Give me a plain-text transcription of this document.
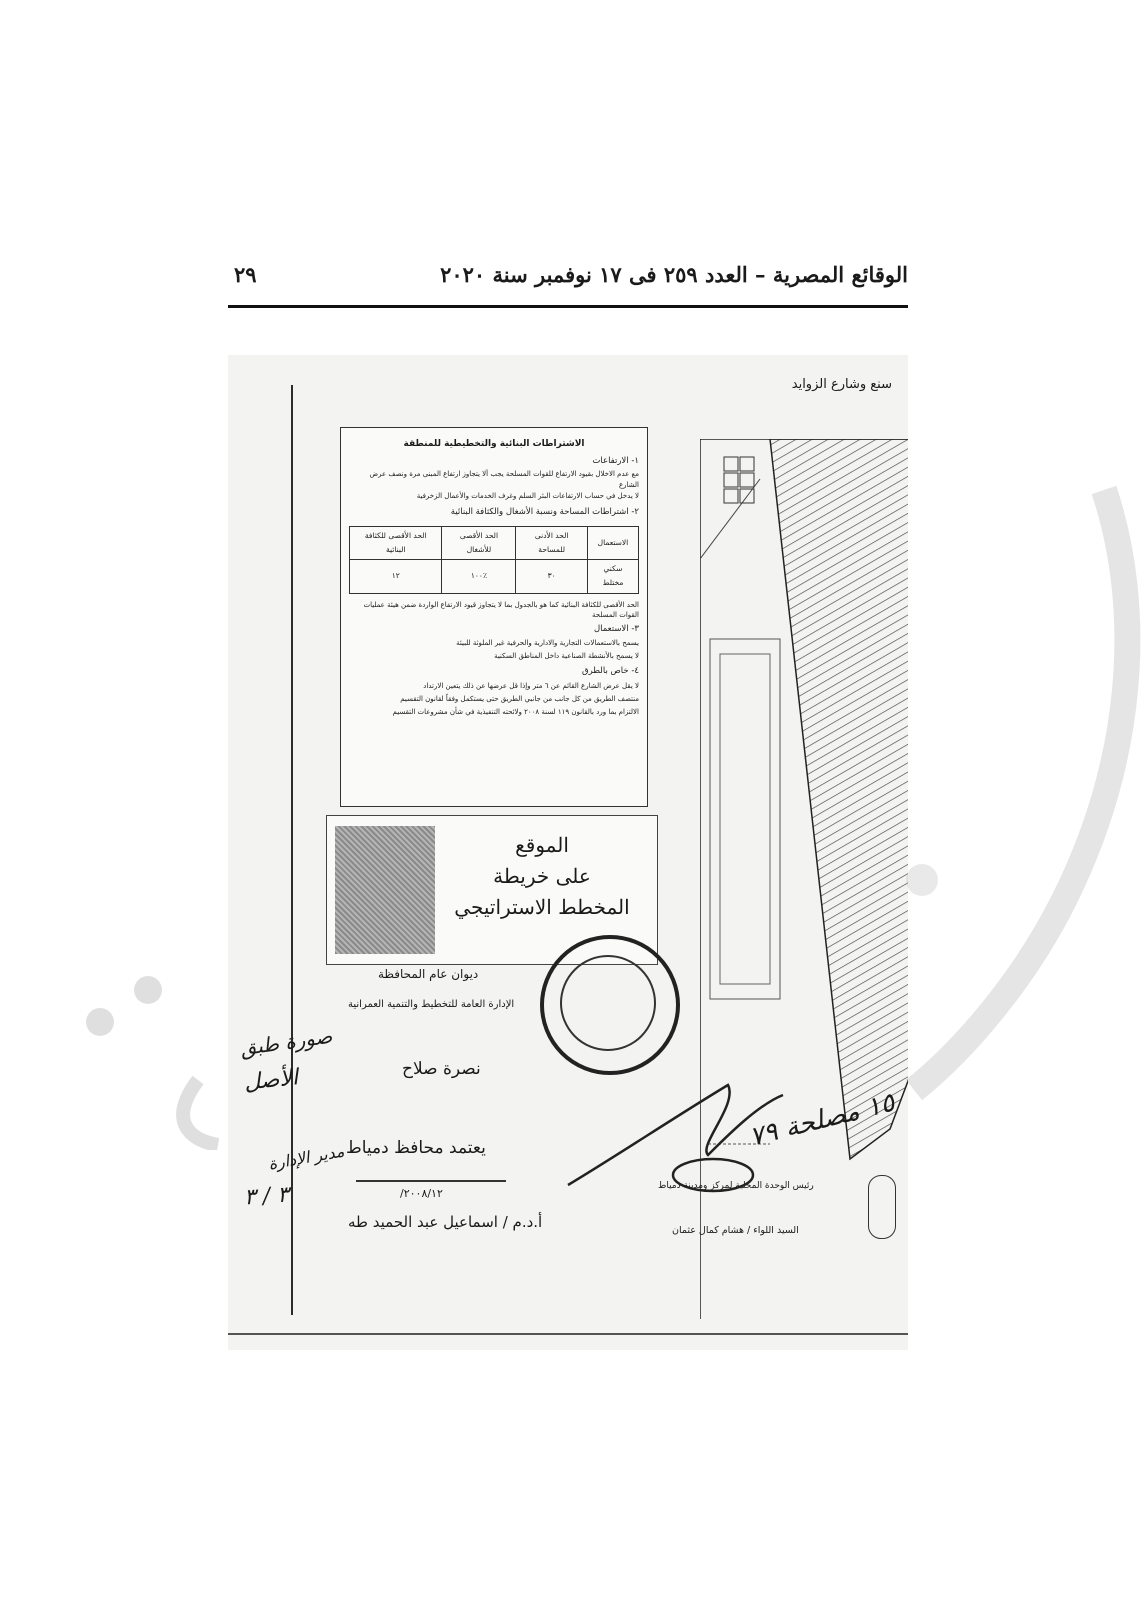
الوقائع المصرية – العدد ٢٥٩ فى ١٧ نوفمبر سنة ٢٠٢٠
٢٩
سنع وشارع الزوايد
الاشتراطات البنائية والتخطيطية للمنطقة
١- الارتفاعات
مع عدم الاخلال بقيود الارتفاع للقوات المسلحة يجب ألا يتجاوز ارتفاع المبنى مرة ونصف عرض الشارع
لا يدخل في حساب الارتفاعات البئر السلم وغرف الخدمات والأعمال الزخرفية
٢- اشتراطات المساحة ونسبة الأشغال والكثافة البنائية
الاستعمال	الحد الأدنى للمساحة	الحد الأقصى للأشغال	الحد الأقصى للكثافة البنائية
سكني مختلط	٣٠	٪١٠٠	١٢
الحد الأقصى للكثافة البنائية كما هو بالجدول بما لا يتجاوز قيود الارتفاع الواردة ضمن هيئة عمليات القوات المسلحة
٣- الاستعمال
يسمح بالاستعمالات التجارية والادارية والحرفية غير الملوثة للبيئة
لا يسمح بالأنشطة الصناعية داخل المناطق السكنية
٤- خاص بالطرق
لا يقل عرض الشارع القائم عن ٦ متر وإذا قل عرضها عن ذلك يتعين الارتداد
منتصف الطريق من كل جانب من جانبي الطريق حتى يستكمل وفقاً لقانون التقسيم
الالتزام بما ورد بالقانون ١١٩ لسنة ٢٠٠٨ ولائحته التنفيذية في شأن مشروعات التقسيم
الموقع
على خريطة
المخطط الاستراتيجي
ديوان عام المحافظة
الإدارة العامة للتخطيط والتنمية العمرانية
نصرة صلاح
يعتمد محافظ دمياط
٢٠٠٨/١٢/
أ.د.م / اسماعيل عبد الحميد طه
رئيس الوحدة المحلية لمركز ومدينة دمياط
السيد اللواء / هشام كمال عثمان
١٥ مصلحة ٧٩
صورة طبق
الأصل
مدير الإدارة
٣ / ٣
